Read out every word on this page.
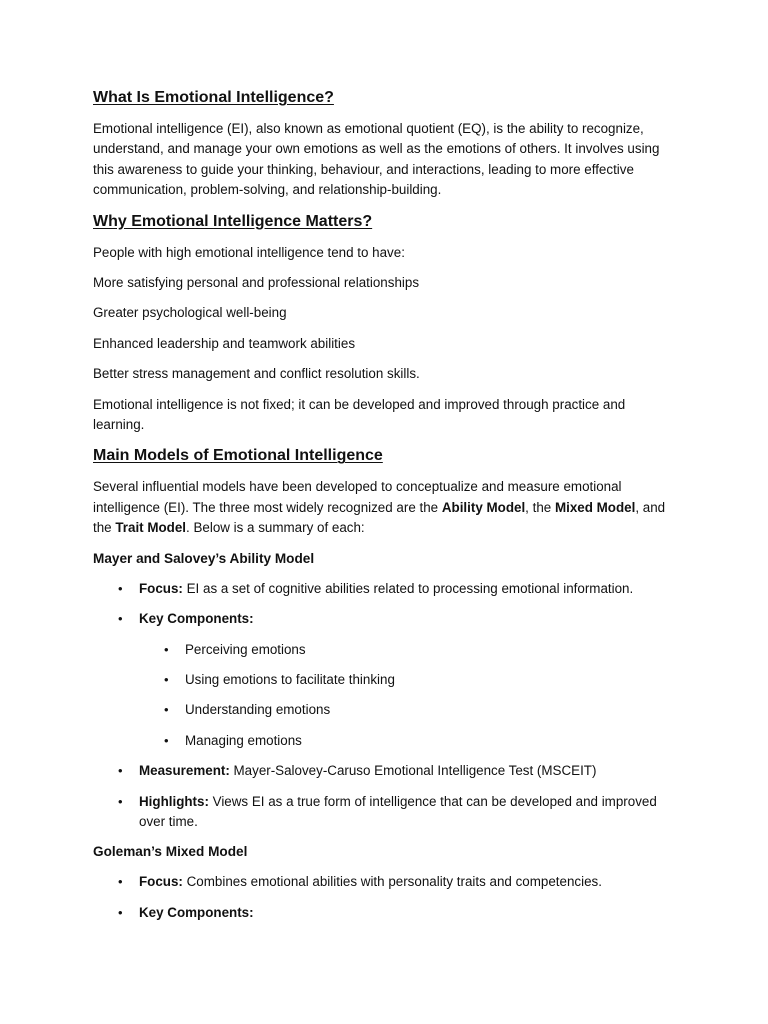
What Is Emotional Intelligence?

Emotional intelligence (EI), also known as emotional quotient (EQ), is the ability to recognize, understand, and manage your own emotions as well as the emotions of others. It involves using this awareness to guide your thinking, behaviour, and interactions, leading to more effective communication, problem-solving, and relationship-building.

Why Emotional Intelligence Matters?

People with high emotional intelligence tend to have:

More satisfying personal and professional relationships

Greater psychological well-being

Enhanced leadership and teamwork abilities

Better stress management and conflict resolution skills.

Emotional intelligence is not fixed; it can be developed and improved through practice and learning.

Main Models of Emotional Intelligence

Several influential models have been developed to conceptualize and measure emotional intelligence (EI). The three most widely recognized are the Ability Model, the Mixed Model, and the Trait Model. Below is a summary of each:

Mayer and Salovey’s Ability Model
• Focus: EI as a set of cognitive abilities related to processing emotional information.
• Key Components:
• Perceiving emotions
• Using emotions to facilitate thinking
• Understanding emotions
• Managing emotions
• Measurement: Mayer-Salovey-Caruso Emotional Intelligence Test (MSCEIT)
• Highlights: Views EI as a true form of intelligence that can be developed and improved over time.
Goleman’s Mixed Model
• Focus: Combines emotional abilities with personality traits and competencies.
• Key Components:
